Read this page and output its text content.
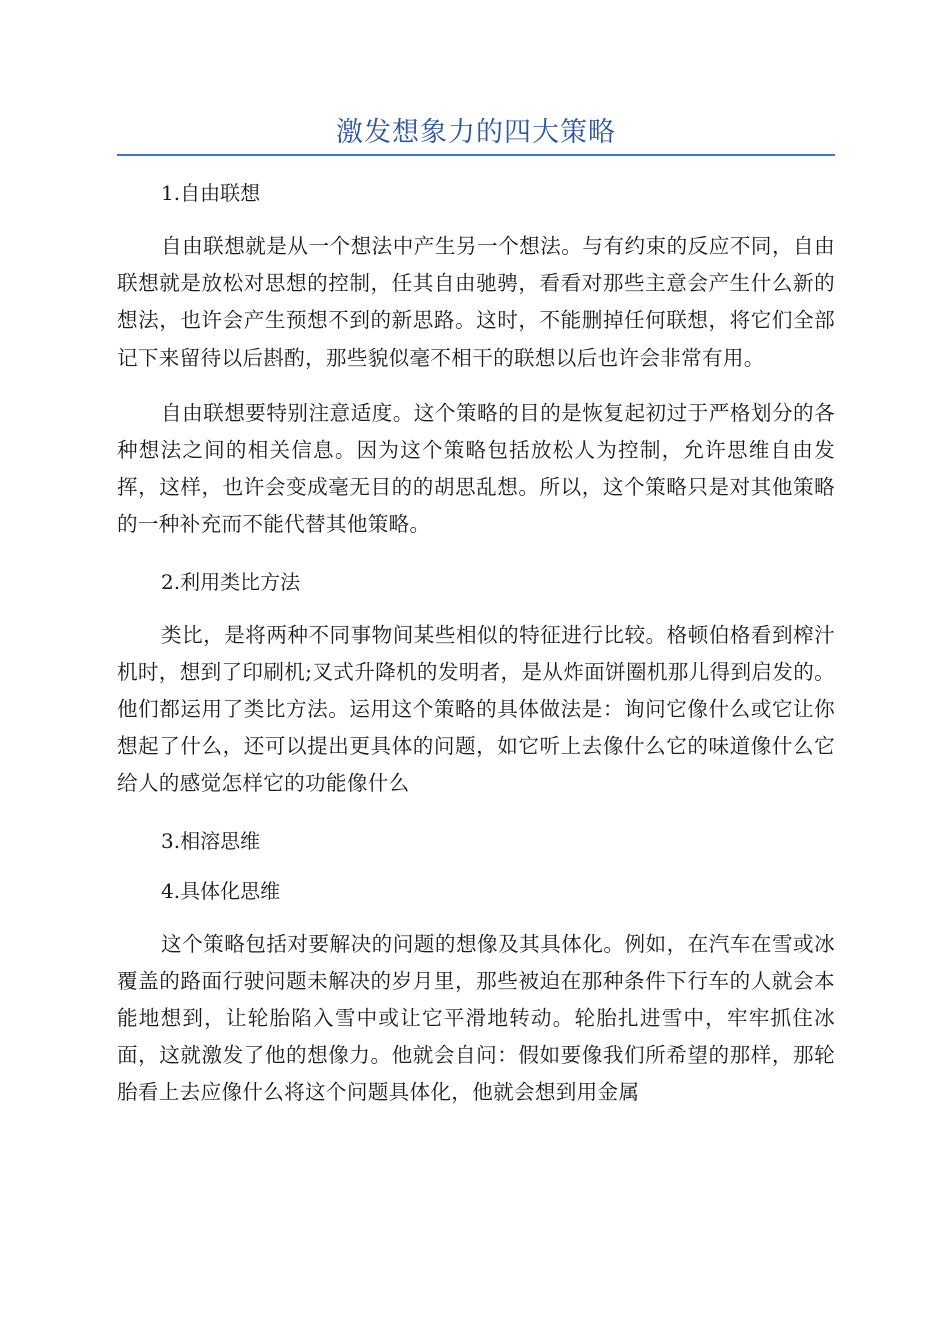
激发想象力的四大策略

1.自由联想

自由联想就是从一个想法中产生另一个想法。与有约束的反应不同，自由联想就是放松对思想的控制，任其自由驰骋，看看对那些主意会产生什么新的想法，也许会产生预想不到的新思路。这时，不能删掉任何联想，将它们全部记下来留待以后斟酌，那些貌似毫不相干的联想以后也许会非常有用。

自由联想要特别注意适度。这个策略的目的是恢复起初过于严格划分的各种想法之间的相关信息。因为这个策略包括放松人为控制，允许思维自由发挥，这样，也许会变成毫无目的的胡思乱想。所以，这个策略只是对其他策略的一种补充而不能代替其他策略。

2.利用类比方法

类比，是将两种不同事物间某些相似的特征进行比较。格顿伯格看到榨汁机时，想到了印刷机;叉式升降机的发明者，是从炸面饼圈机那儿得到启发的。他们都运用了类比方法。运用这个策略的具体做法是：询问它像什么或它让你想起了什么，还可以提出更具体的问题，如它听上去像什么它的味道像什么它给人的感觉怎样它的功能像什么

3.相溶思维

4.具体化思维

这个策略包括对要解决的问题的想像及其具体化。例如，在汽车在雪或冰覆盖的路面行驶问题未解决的岁月里，那些被迫在那种条件下行车的人就会本能地想到，让轮胎陷入雪中或让它平滑地转动。轮胎扎进雪中，牢牢抓住冰面，这就激发了他的想像力。他就会自问：假如要像我们所希望的那样，那轮胎看上去应像什么将这个问题具体化，他就会想到用金属
